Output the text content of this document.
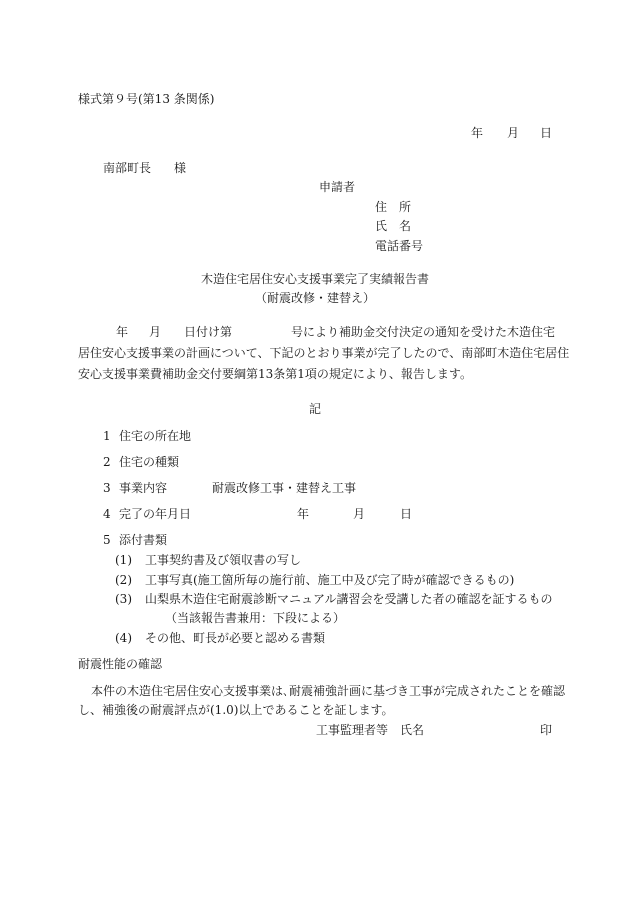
様式第９号(第13 条関係)
年 月 日
南部町長 様
申請者
住　所
氏　名
電話番号
木造住宅居住安心支援事業完了実績報告書
（耐震改修・建替え）
年 月 日付け第	号により補助金交付決定の通知を受けた木造住宅
居住安心支援事業の計画について、下記のとおり事業が完了したので、南部町木造住宅居住
安心支援事業費補助金交付要綱第13条第1項の規定により、報告します。
記
1 住宅の所在地
2 住宅の種類
3 事業内容	耐震改修工事・建替え工事
4 完了の年月日	年	月	日
5 添付書類
(1) 工事契約書及び領収書の写し
(2) 工事写真(施工箇所毎の施行前、施工中及び完了時が確認できるもの)
(3) 山梨県木造住宅耐震診断マニュアル講習会を受講した者の確認を証するもの
（当該報告書兼用：下段による）
(4) その他、町長が必要と認める書類
耐震性能の確認
本件の木造住宅居住安心支援事業は､耐震補強計画に基づき工事が完成されたことを確認
し、補強後の耐震評点が(1.0)以上であることを証します。
工事監理者等 氏名	印
